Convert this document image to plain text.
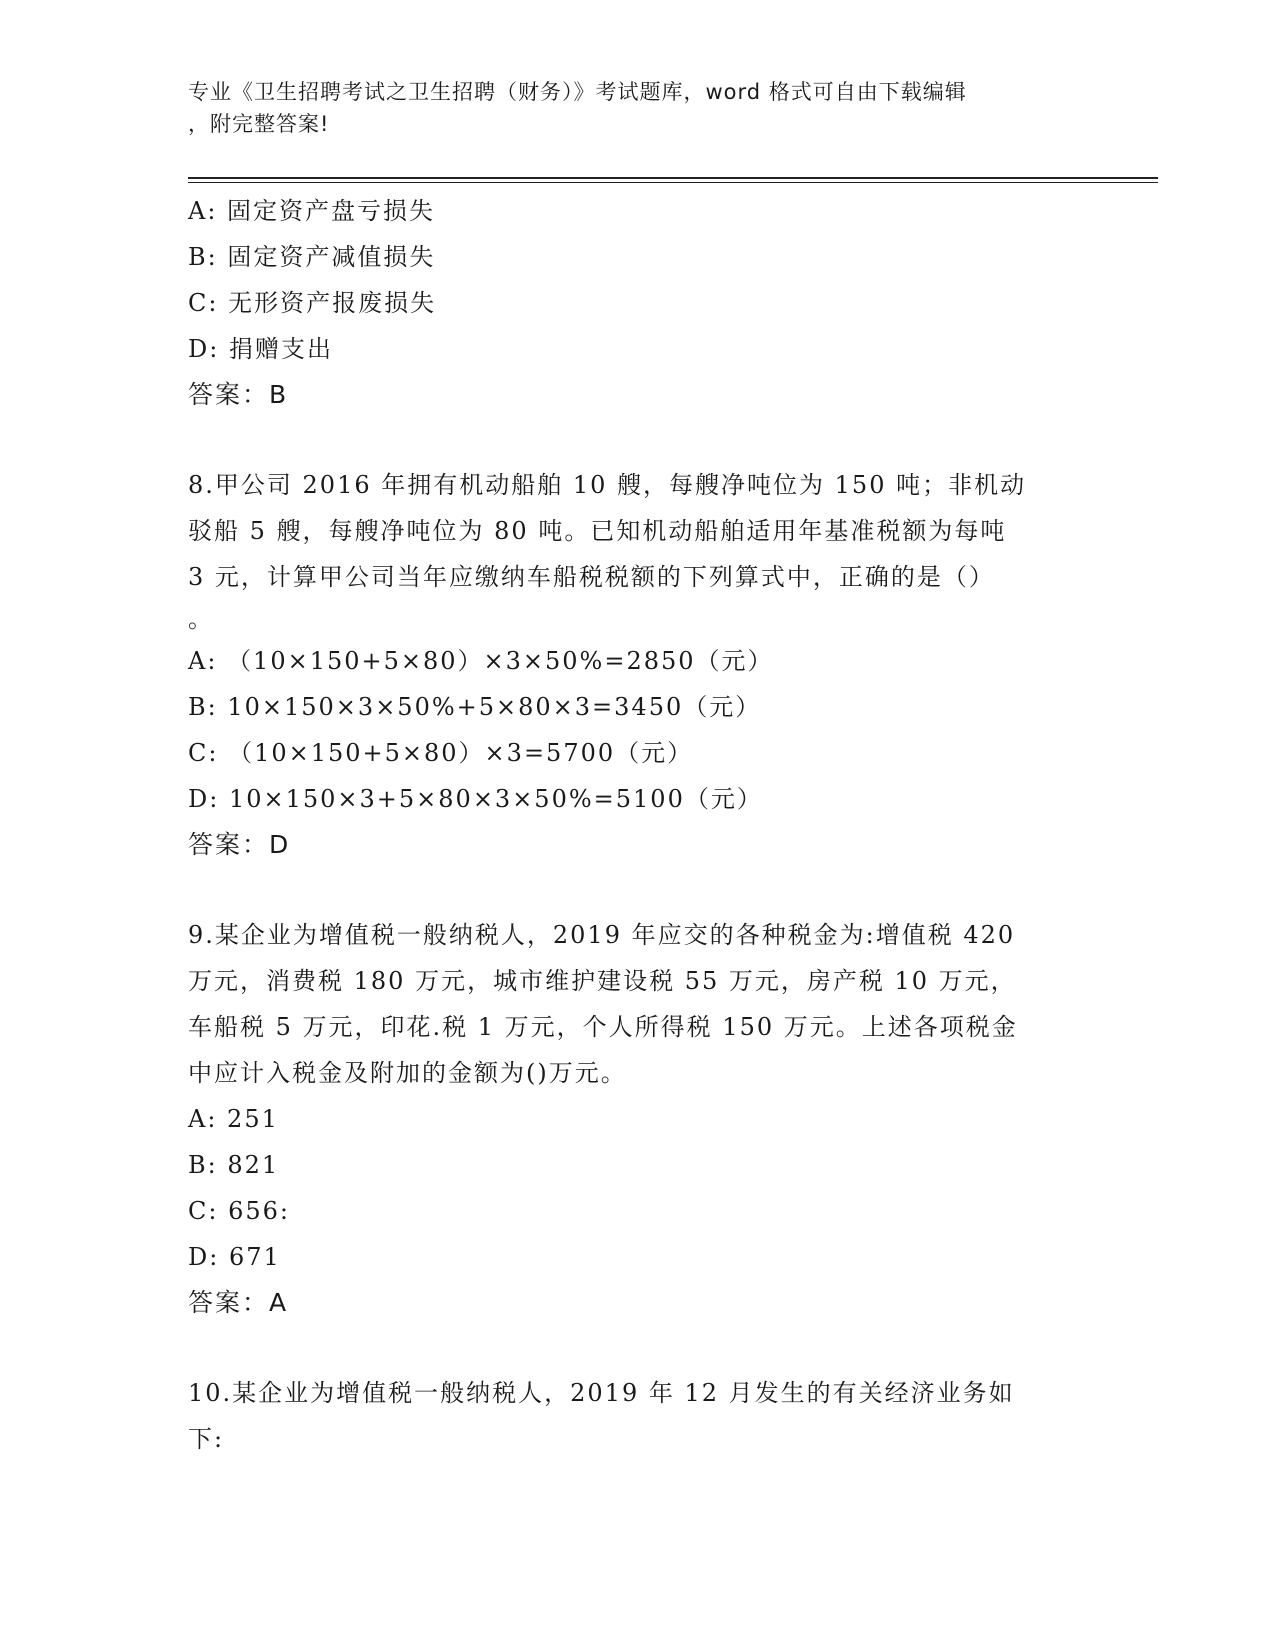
专业《卫生招聘考试之卫生招聘（财务）》考试题库，word 格式可自由下载编辑
，附完整答案!
A: 固定资产盘亏损失
B: 固定资产减值损失
C: 无形资产报废损失
D: 捐赠支出
答案：B
8.甲公司 2016 年拥有机动船舶 10 艘，每艘净吨位为 150 吨；非机动
驳船 5 艘，每艘净吨位为 80 吨。已知机动船舶适用年基准税额为每吨
3 元，计算甲公司当年应缴纳车船税税额的下列算式中，正确的是（）
。
A: （10×150+5×80）×3×50%=2850（元）
B: 10×150×3×50%+5×80×3=3450（元）
C: （10×150+5×80）×3=5700（元）
D: 10×150×3+5×80×3×50%=5100（元）
答案：D
9.某企业为增值税一般纳税人，2019 年应交的各种税金为:增值税 420
万元，消费税 180 万元，城市维护建设税 55 万元，房产税 10 万元，
车船税 5 万元，印花.税 1 万元，个人所得税 150 万元。上述各项税金
中应计入税金及附加的金额为()万元。
A: 251
B: 821
C: 656:
D: 671
答案：A
10.某企业为增值税一般纳税人，2019 年 12 月发生的有关经济业务如
下:
